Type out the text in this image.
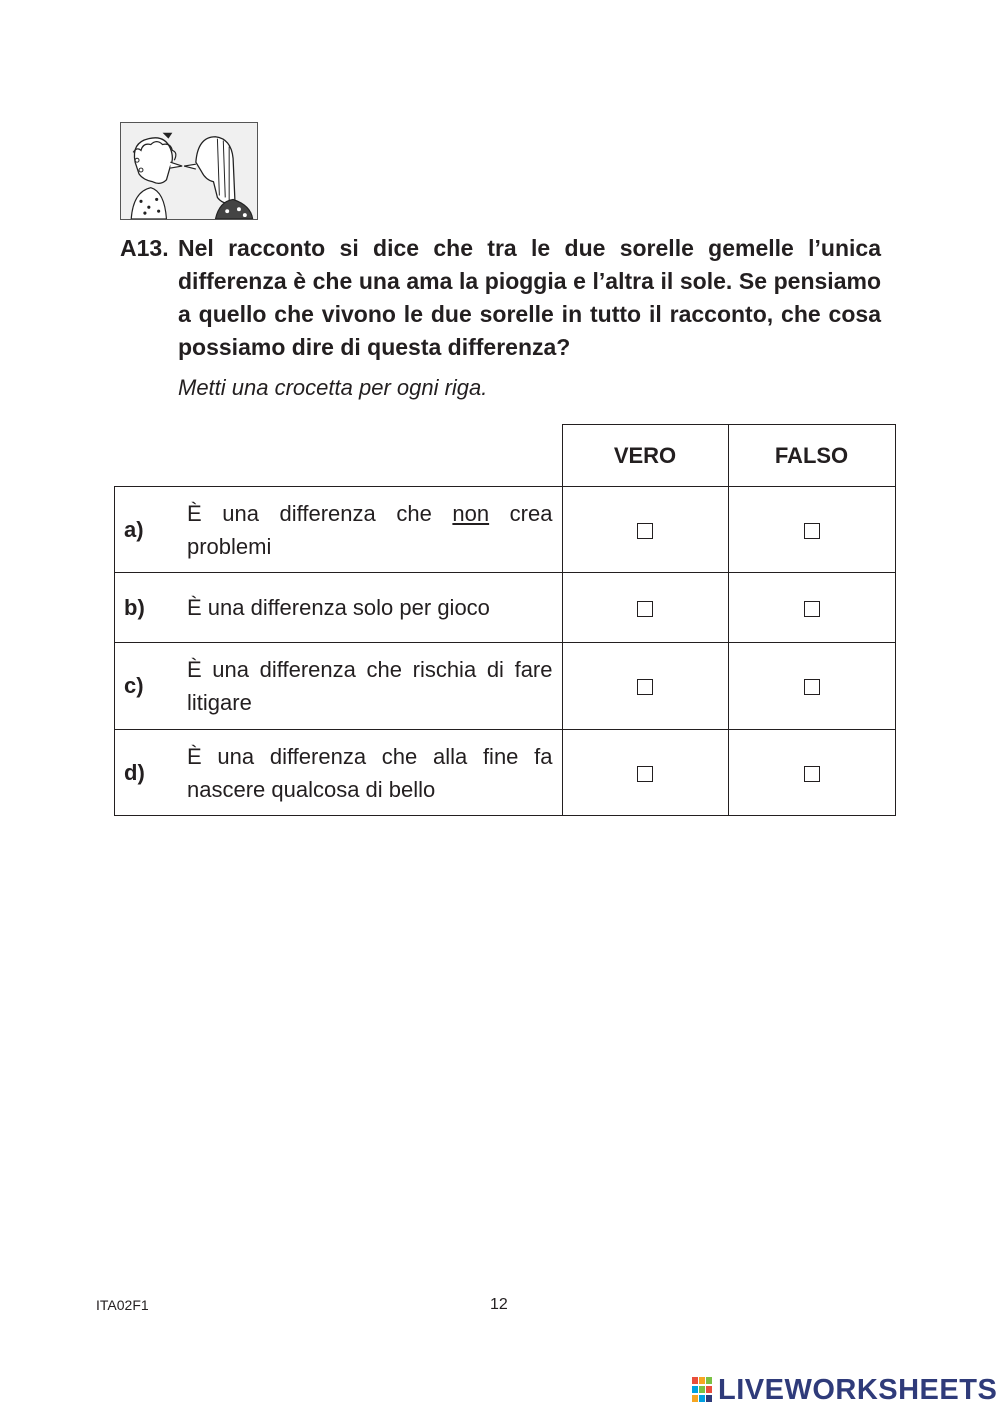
A13. Nel racconto si dice che tra le due sorelle gemelle l’unica differenza è che una ama la pioggia e l’altra il sole. Se pensiamo a quello che vivono le due sorelle in tutto il racconto, che cosa possiamo dire di questa differenza?

Metti una crocetta per ogni riga.

		VERO	FALSO
a)	È una differenza che non crea problemi		
b)	È una differenza solo per gioco		
c)	È una differenza che rischia di fare litigare		
d)	È una differenza che alla fine fa nascere qualcosa di bello		
ITA02F1	12
LIVEWORKSHEETS
